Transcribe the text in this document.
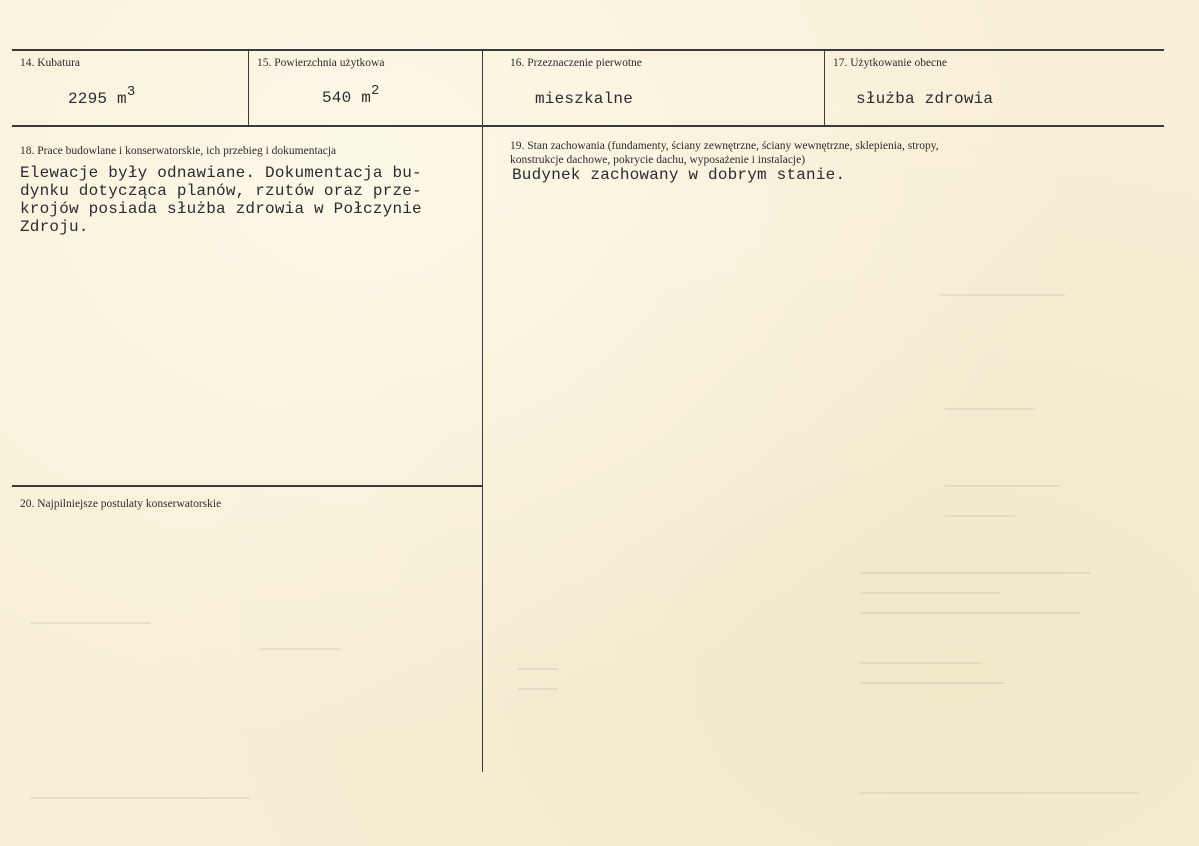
14. Kubatura
2295 m3
15. Powierzchnia użytkowa
540 m2
16. Przeznaczenie pierwotne
mieszkalne
17. Użytkowanie obecne
służba zdrowia
18. Prace budowlane i konserwatorskie, ich przebieg i dokumentacja
Elewacje były odnawiane. Dokumentacja bu-
dynku dotycząca planów, rzutów oraz prze-
krojów posiada służba zdrowia w Połczynie
Zdroju.
19. Stan zachowania (fundamenty, ściany zewnętrzne, ściany wewnętrzne, sklepienia, stropy,
konstrukcje dachowe, pokrycie dachu, wyposażenie i instalacje)
Budynek zachowany w dobrym stanie.
20. Najpilniejsze postulaty konserwatorskie
